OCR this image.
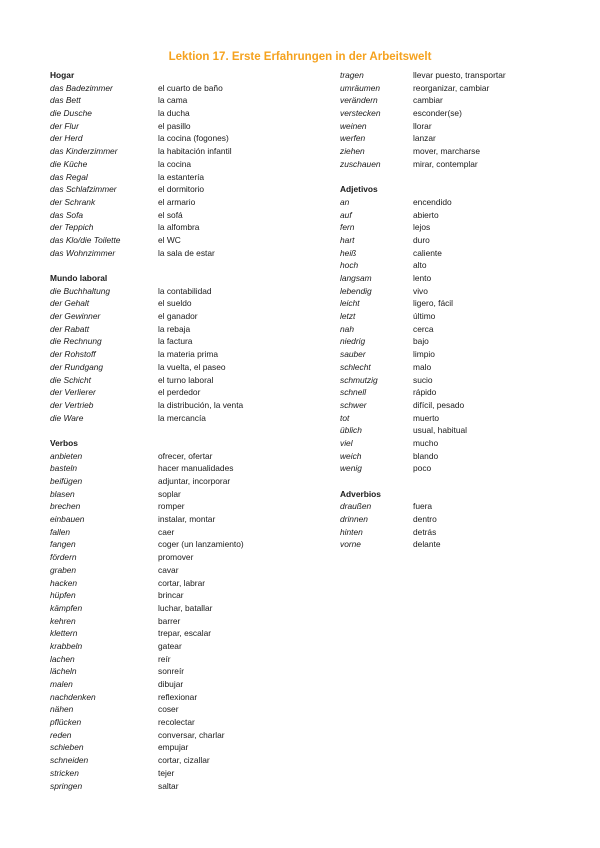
Lektion 17. Erste Erfahrungen in der Arbeitswelt
Hogar
das Badezimmer	el cuarto de baño
das Bett	la cama
die Dusche	la ducha
der Flur	el pasillo
der Herd	la cocina (fogones)
das Kinderzimmer	la habitación infantil
die Küche	la cocina
das Regal	la estantería
das Schlafzimmer	el dormitorio
der Schrank	el armario
das Sofa	el sofá
der Teppich	la alfombra
das Klo/die Toilette	el WC
das Wohnzimmer	la sala de estar
Mundo laboral
die Buchhaltung	la contabilidad
der Gehalt	el sueldo
der Gewinner	el ganador
der Rabatt	la rebaja
die Rechnung	la factura
der Rohstoff	la materia prima
der Rundgang	la vuelta, el paseo
die Schicht	el turno laboral
der Verlierer	el perdedor
der Vertrieb	la distribución, la venta
die Ware	la mercancía
Verbos
anbieten	ofrecer, ofertar
basteln	hacer manualidades
beifügen	adjuntar, incorporar
blasen	soplar
brechen	romper
einbauen	instalar, montar
fallen	caer
fangen	coger (un lanzamiento)
fördern	promover
graben	cavar
hacken	cortar, labrar
hüpfen	brincar
kämpfen	luchar, batallar
kehren	barrer
klettern	trepar, escalar
krabbeln	gatear
lachen	reír
lächeln	sonreír
malen	dibujar
nachdenken	reflexionar
nähen	coser
pflücken	recolectar
reden	conversar, charlar
schieben	empujar
schneiden	cortar, cizallar
stricken	tejer
springen	saltar
tragen	llevar puesto, transportar
umräumen	reorganizar, cambiar
verändern	cambiar
verstecken	esconder(se)
weinen	llorar
werfen	lanzar
ziehen	mover, marcharse
zuschauen	mirar, contemplar
Adjetivos
an	encendido
auf	abierto
fern	lejos
hart	duro
heiß	caliente
hoch	alto
langsam	lento
lebendig	vivo
leicht	ligero, fácil
letzt	último
nah	cerca
niedrig	bajo
sauber	limpio
schlecht	malo
schmutzig	sucio
schnell	rápido
schwer	difícil, pesado
tot	muerto
üblich	usual, habitual
viel	mucho
weich	blando
wenig	poco
Adverbios
draußen	fuera
drinnen	dentro
hinten	detrás
vorne	delante
